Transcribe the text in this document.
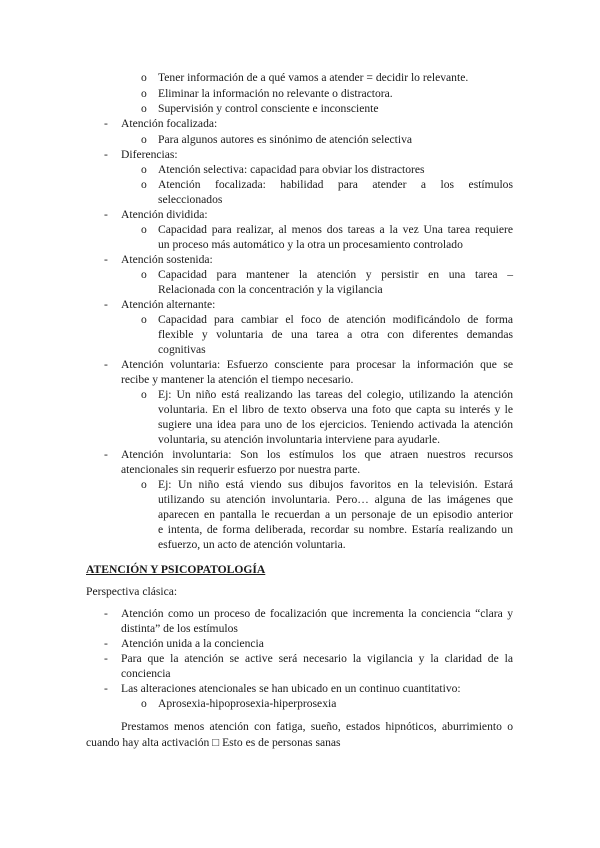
o Tener información de a qué vamos a atender = decidir lo relevante.
o Eliminar la información no relevante o distractora.
o Supervisión y control consciente e inconsciente
- Atención focalizada:
o Para algunos autores es sinónimo de atención selectiva
- Diferencias:
o Atención selectiva: capacidad para obviar los distractores
o Atención focalizada: habilidad para atender a los estímulos
seleccionados
- Atención dividida:
o Capacidad para realizar, al menos dos tareas a la vez Una tarea requiere
un proceso más automático y la otra un procesamiento controlado
- Atención sostenida:
o Capacidad para mantener la atención y persistir en una tarea –
Relacionada con la concentración y la vigilancia
- Atención alternante:
o Capacidad para cambiar el foco de atención modificándolo de forma
flexible y voluntaria de una tarea a otra con diferentes demandas
cognitivas
- Atención voluntaria: Esfuerzo consciente para procesar la información que se
recibe y mantener la atención el tiempo necesario.
o Ej: Un niño está realizando las tareas del colegio, utilizando la atención
voluntaria. En el libro de texto observa una foto que capta su interés y le
sugiere una idea para uno de los ejercicios. Teniendo activada la atención
voluntaria, su atención involuntaria interviene para ayudarle.
- Atención involuntaria: Son los estímulos los que atraen nuestros recursos
atencionales sin requerir esfuerzo por nuestra parte.
o Ej: Un niño está viendo sus dibujos favoritos en la televisión. Estará
utilizando su atención involuntaria. Pero… alguna de las imágenes que
aparecen en pantalla le recuerdan a un personaje de un episodio anterior
e intenta, de forma deliberada, recordar su nombre. Estaría realizando un
esfuerzo, un acto de atención voluntaria.
ATENCIÓN Y PSICOPATOLOGÍA
Perspectiva clásica:
- Atención como un proceso de focalización que incrementa la conciencia “clara y
distinta” de los estímulos
- Atención unida a la conciencia
- Para que la atención se active será necesario la vigilancia y la claridad de la
conciencia
- Las alteraciones atencionales se han ubicado en un continuo cuantitativo:
o Aprosexia-hipoprosexia-hiperprosexia
Prestamos menos atención con fatiga, sueño, estados hipnóticos, aburrimiento o
cuando hay alta activación □ Esto es de personas sanas
